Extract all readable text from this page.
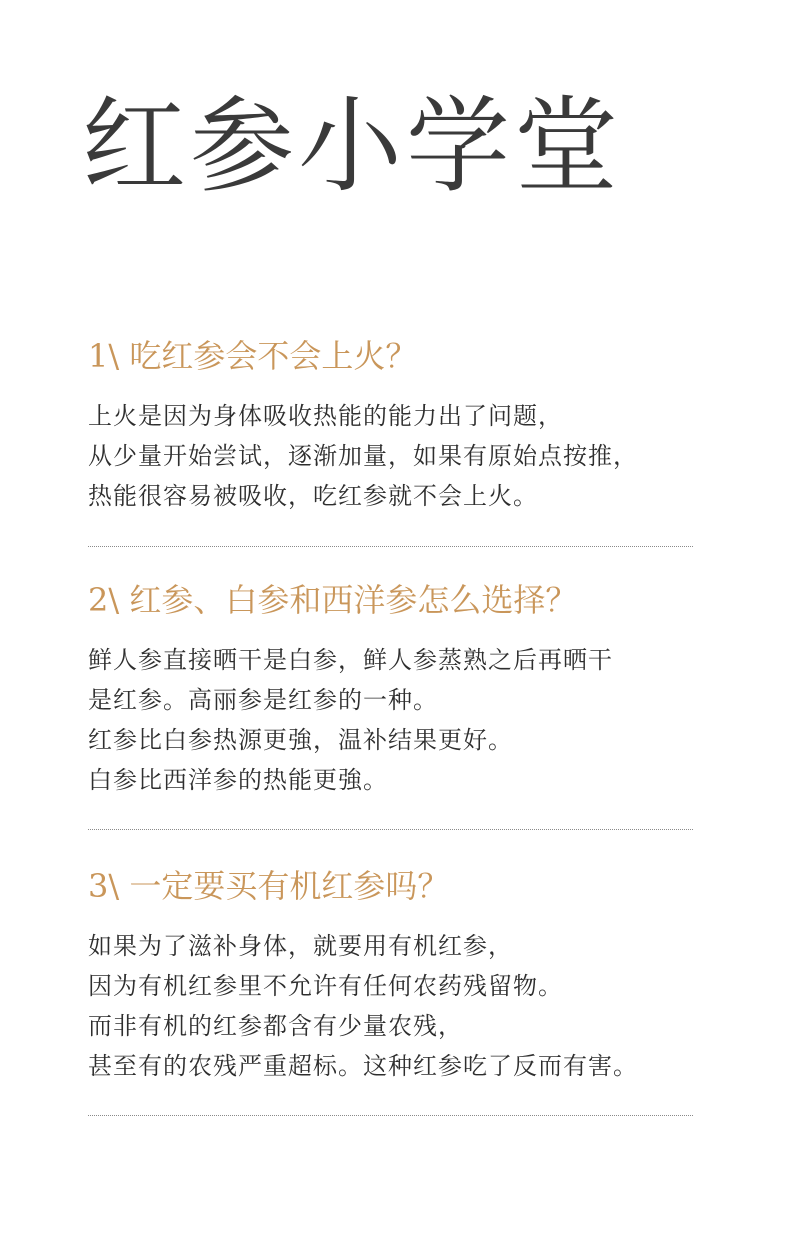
红参小学堂
1\ 吃红参会不会上火？
上火是因为身体吸收热能的能力出了问题，
从少量开始尝试，逐渐加量，如果有原始点按推，
热能很容易被吸收，吃红参就不会上火。
2\ 红参、白参和西洋参怎么选择？
鲜人参直接晒干是白参，鲜人参蒸熟之后再晒干
是红参。高丽参是红参的一种。
红参比白参热源更強，温补结果更好。
白参比西洋参的热能更強。
3\ 一定要买有机红参吗？
如果为了滋补身体，就要用有机红参，
因为有机红参里不允许有任何农药残留物。
而非有机的红参都含有少量农残，
甚至有的农残严重超标。这种红参吃了反而有害。
